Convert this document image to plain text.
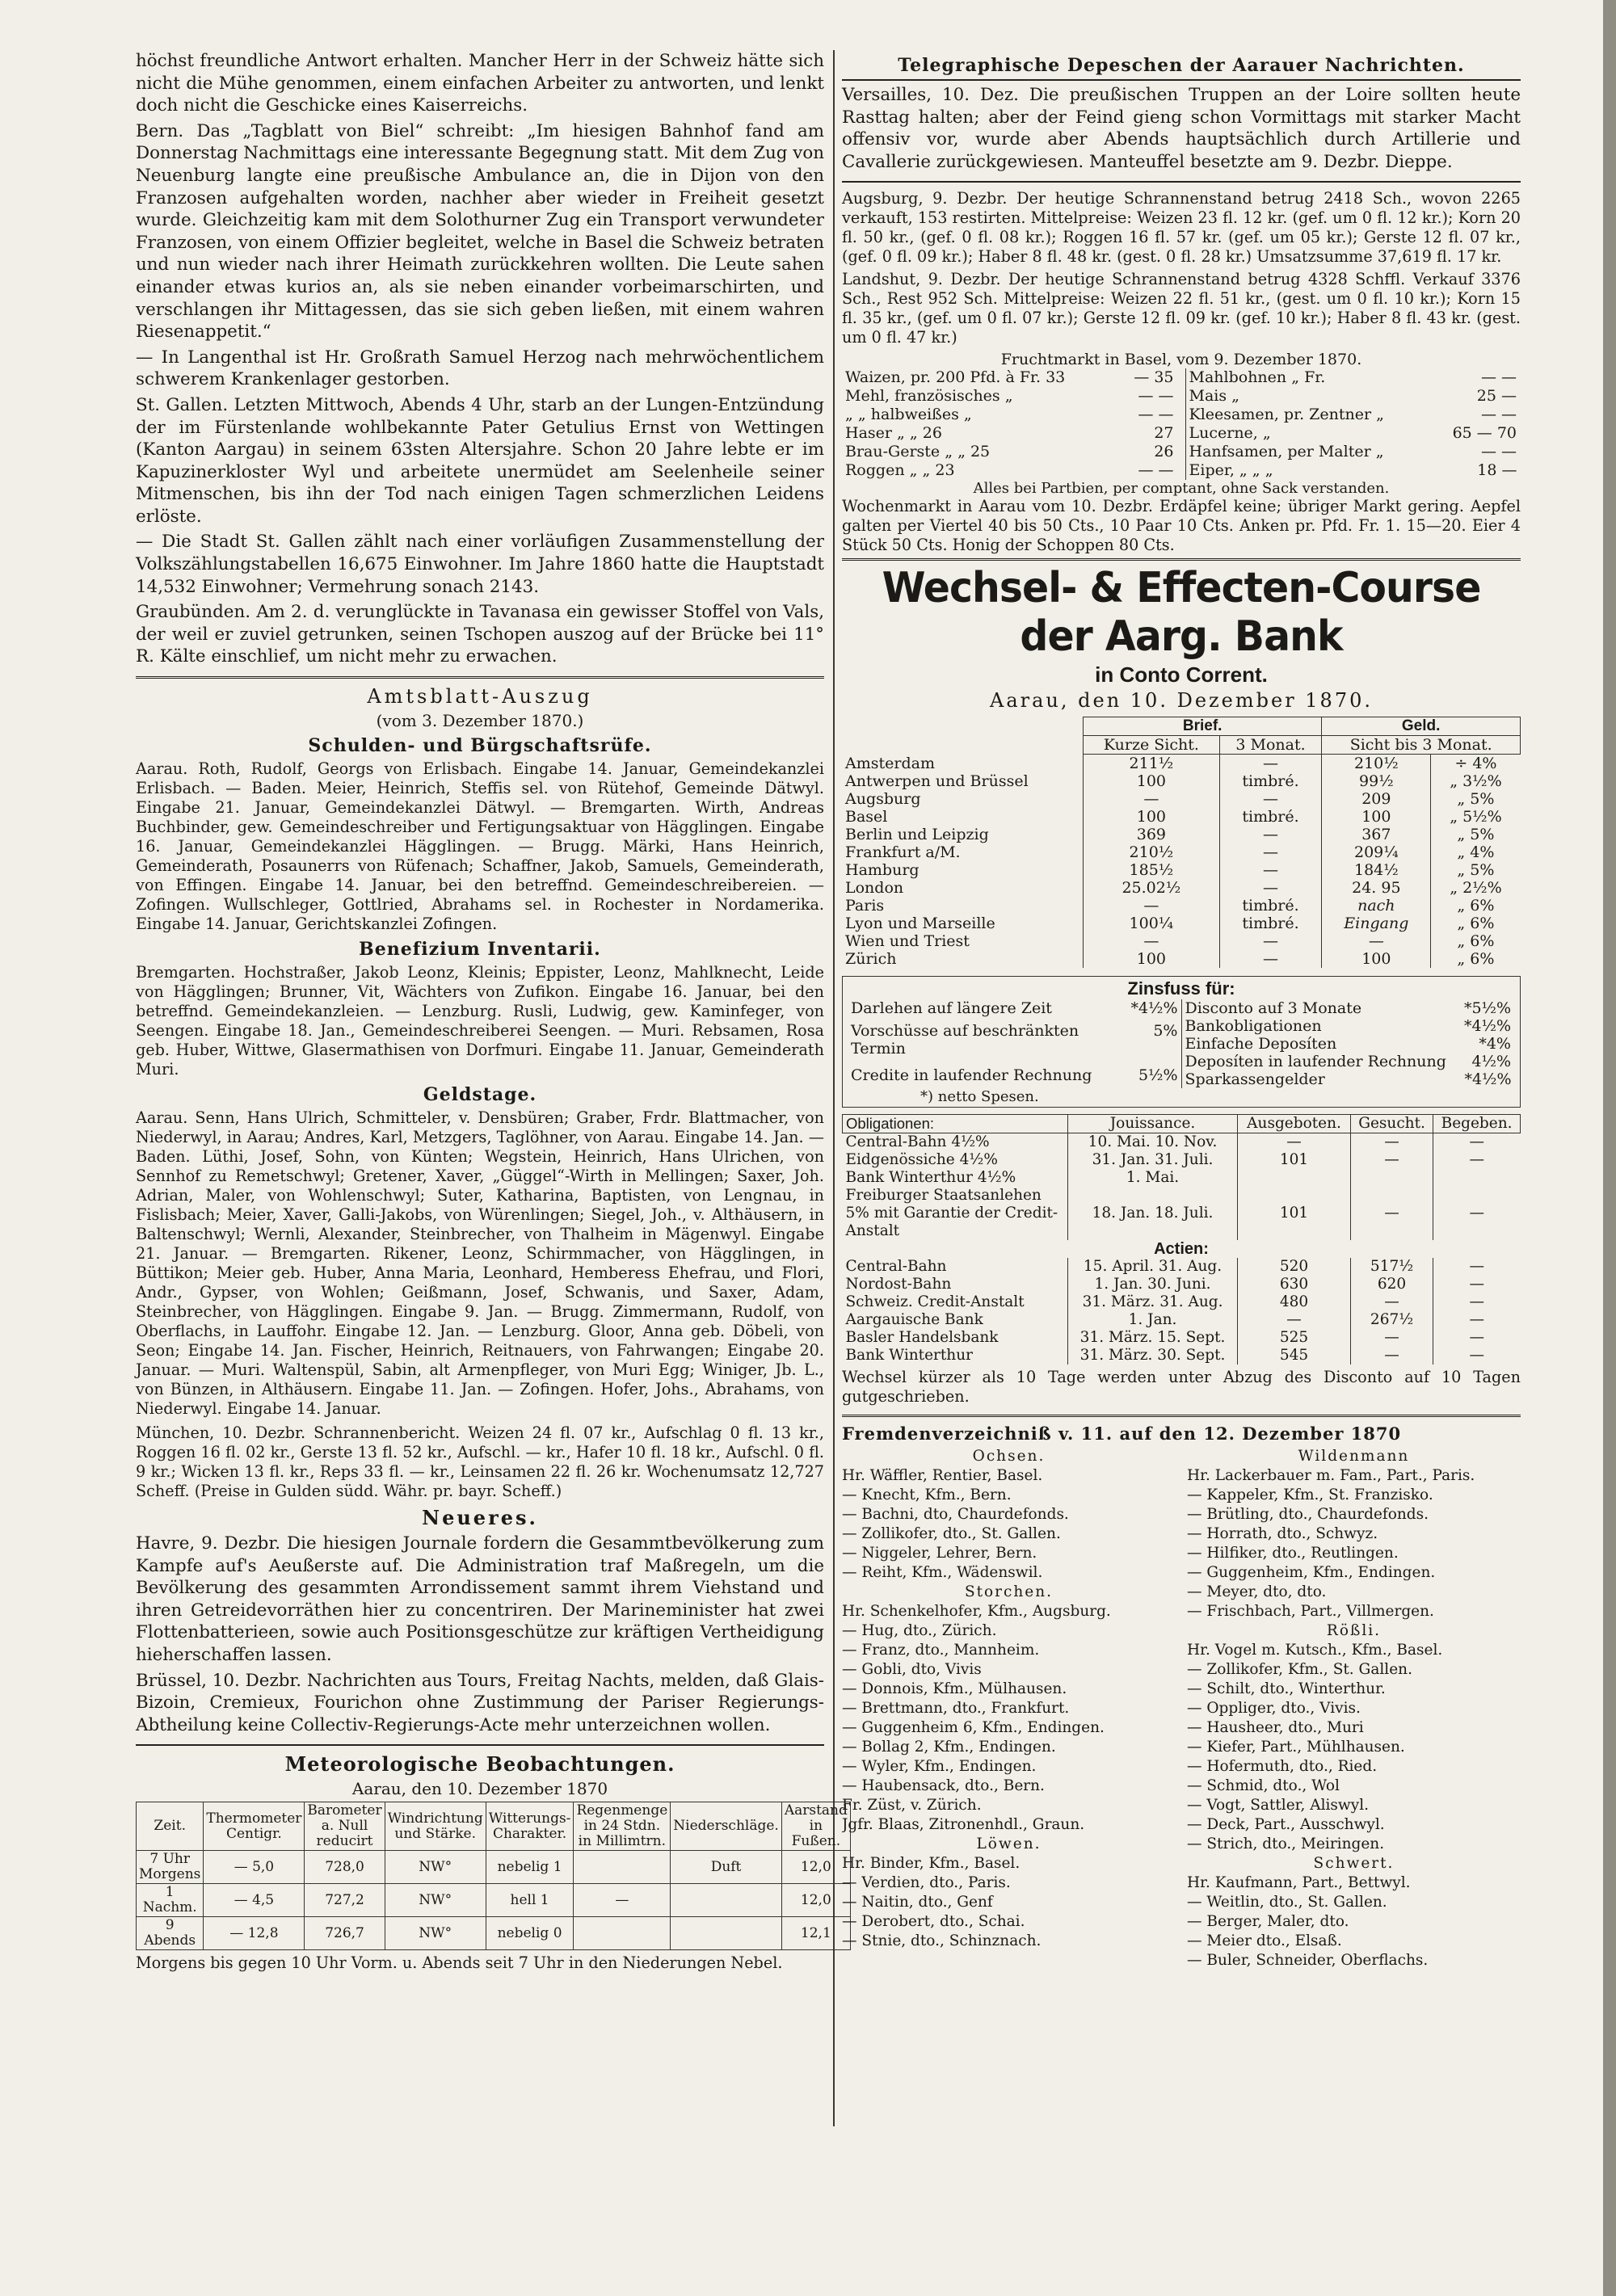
höchst freundliche Antwort erhalten. Mancher Herr in der Schweiz hätte sich nicht die Mühe genommen, einem einfachen Arbeiter zu antworten, und lenkt doch nicht die Geschicke eines Kaiserreichs.

Bern. Das „Tagblatt von Biel“ schreibt: „Im hiesigen Bahnhof fand am Donnerstag Nachmittags eine interessante Begegnung statt. Mit dem Zug von Neuenburg langte eine preußische Ambulance an, die in Dijon von den Franzosen aufgehalten worden, nachher aber wieder in Freiheit gesetzt wurde. Gleichzeitig kam mit dem Solothurner Zug ein Transport verwundeter Franzosen, von einem Offizier begleitet, welche in Basel die Schweiz betraten und nun wieder nach ihrer Heimath zurückkehren wollten. Die Leute sahen einander etwas kurios an, als sie neben einander vorbeimarschirten, und verschlangen ihr Mittagessen, das sie sich geben ließen, mit einem wahren Riesenappetit.“

— In Langenthal ist Hr. Großrath Samuel Herzog nach mehrwöchentlichem schwerem Krankenlager gestorben.

St. Gallen. Letzten Mittwoch, Abends 4 Uhr, starb an der Lungen-Entzündung der im Fürstenlande wohlbekannte Pater Getulius Ernst von Wettingen (Kanton Aargau) in seinem 63sten Altersjahre. Schon 20 Jahre lebte er im Kapuzinerkloster Wyl und arbeitete unermüdet am Seelenheile seiner Mitmenschen, bis ihn der Tod nach einigen Tagen schmerzlichen Leidens erlöste.

— Die Stadt St. Gallen zählt nach einer vorläufigen Zusammenstellung der Volkszählungstabellen 16,675 Einwohner. Im Jahre 1860 hatte die Hauptstadt 14,532 Einwohner; Vermehrung sonach 2143.

Graubünden. Am 2. d. verunglückte in Tavanasa ein gewisser Stoffel von Vals, der weil er zuviel getrunken, seinen Tschopen auszog auf der Brücke bei 11° R. Kälte einschlief, um nicht mehr zu erwachen.

Amtsblatt-Auszug
(vom 3. Dezember 1870.)
Schulden- und Bürgschaftsrüfe.

Aarau. Roth, Rudolf, Georgs von Erlisbach. Eingabe 14. Januar, Gemeindekanzlei Erlisbach. — Baden. Meier, Heinrich, Steffis sel. von Rütehof, Gemeinde Dätwyl. Eingabe 21. Januar, Gemeindekanzlei Dätwyl. — Bremgarten. Wirth, Andreas Buchbinder, gew. Gemeindeschreiber und Fertigungsaktuar von Hägglingen. Eingabe 16. Januar, Gemeindekanzlei Hägglingen. — Brugg. Märki, Hans Heinrich, Gemeinderath, Posaunerrs von Rüfenach; Schaffner, Jakob, Samuels, Gemeinderath, von Effingen. Eingabe 14. Januar, bei den betreffnd. Gemeindeschreibereien. — Zofingen. Wullschleger, Gottlried, Abrahams sel. in Rochester in Nordamerika. Eingabe 14. Januar, Gerichtskanzlei Zofingen.

Benefizium Inventarii.

Bremgarten. Hochstraßer, Jakob Leonz, Kleinis; Eppister, Leonz, Mahlknecht, Leide von Hägglingen; Brunner, Vit, Wächters von Zufikon. Eingabe 16. Januar, bei den betreffnd. Gemeindekanzleien. — Lenzburg. Rusli, Ludwig, gew. Kaminfeger, von Seengen. Eingabe 18. Jan., Gemeindeschreiberei Seengen. — Muri. Rebsamen, Rosa geb. Huber, Wittwe, Glasermathisen von Dorfmuri. Eingabe 11. Januar, Gemeinderath Muri.

Geldstage.

Aarau. Senn, Hans Ulrich, Schmitteler, v. Densbüren; Graber, Frdr. Blattmacher, von Niederwyl, in Aarau; Andres, Karl, Metzgers, Taglöhner, von Aarau. Eingabe 14. Jan. — Baden. Lüthi, Josef, Sohn, von Künten; Wegstein, Heinrich, Hans Ulrichen, von Sennhof zu Remetschwyl; Gretener, Xaver, „Güggel“-Wirth in Mellingen; Saxer, Joh. Adrian, Maler, von Wohlenschwyl; Suter, Katharina, Baptisten, von Lengnau, in Fislisbach; Meier, Xaver, Galli-Jakobs, von Würenlingen; Siegel, Joh., v. Althäusern, in Baltenschwyl; Wernli, Alexander, Steinbrecher, von Thalheim in Mägenwyl. Eingabe 21. Januar. — Bremgarten. Rikener, Leonz, Schirmmacher, von Hägglingen, in Büttikon; Meier geb. Huber, Anna Maria, Leonhard, Hemberess Ehefrau, und Flori, Andr., Gypser, von Wohlen; Geißmann, Josef, Schwanis, und Saxer, Adam, Steinbrecher, von Hägglingen. Eingabe 9. Jan. — Brugg. Zimmermann, Rudolf, von Oberflachs, in Lauffohr. Eingabe 12. Jan. — Lenzburg. Gloor, Anna geb. Döbeli, von Seon; Eingabe 14. Jan. Fischer, Heinrich, Reitnauers, von Fahrwangen; Eingabe 20. Januar. — Muri. Waltenspül, Sabin, alt Armenpfleger, von Muri Egg; Winiger, Jb. L., von Bünzen, in Althäusern. Eingabe 11. Jan. — Zofingen. Hofer, Johs., Abrahams, von Niederwyl. Eingabe 14. Januar.

München, 10. Dezbr. Schrannenbericht. Weizen 24 fl. 07 kr., Aufschlag 0 fl. 13 kr., Roggen 16 fl. 02 kr., Gerste 13 fl. 52 kr., Aufschl. — kr., Hafer 10 fl. 18 kr., Aufschl. 0 fl. 9 kr.; Wicken 13 fl. kr., Reps 33 fl. — kr., Leinsamen 22 fl. 26 kr. Wochenumsatz 12,727 Scheff. (Preise in Gulden südd. Währ. pr. bayr. Scheff.)

Neueres.

Havre, 9. Dezbr. Die hiesigen Journale fordern die Gesammtbevölkerung zum Kampfe auf's Aeußerste auf. Die Administration traf Maßregeln, um die Bevölkerung des gesammten Arrondissement sammt ihrem Viehstand und ihren Getreidevorräthen hier zu concentriren. Der Marineminister hat zwei Flottenbatterieen, sowie auch Positionsgeschütze zur kräftigen Vertheidigung hieherschaffen lassen.

Brüssel, 10. Dezbr. Nachrichten aus Tours, Freitag Nachts, melden, daß Glais-Bizoin, Cremieux, Fourichon ohne Zustimmung der Pariser Regierungs-Abtheilung keine Collectiv-Regierungs-Acte mehr unterzeichnen wollen.

Meteorologische Beobachtungen.
Aarau, den 10. Dezember 1870
Zeit.	Thermometer Centigr.	Barometer a. Null reducirt	Windrichtung und Stärke.	Witterungs-Charakter.	Regenmenge in 24 Stdn. in Millimtrn.	Niederschläge.	Aarstand in Fußen.
7 Uhr Morgens	— 5,0	728,0	NW°	nebelig 1		Duft	12,0
1 Nachm.	— 4,5	727,2	NW°	hell 1	—		12,0
9 Abends	— 12,8	726,7	NW°	nebelig 0			12,1

Morgens bis gegen 10 Uhr Vorm. u. Abends seit 7 Uhr in den Niederungen Nebel.

Telegraphische Depeschen der Aarauer Nachrichten.

Versailles, 10. Dez. Die preußischen Truppen an der Loire sollten heute Rasttag halten; aber der Feind gieng schon Vormittags mit starker Macht offensiv vor, wurde aber Abends hauptsächlich durch Artillerie und Cavallerie zurückgewiesen. Manteuffel besetzte am 9. Dezbr. Dieppe.

Augsburg, 9. Dezbr. Der heutige Schrannenstand betrug 2418 Sch., wovon 2265 verkauft, 153 restirten. Mittelpreise: Weizen 23 fl. 12 kr. (gef. um 0 fl. 12 kr.); Korn 20 fl. 50 kr., (gef. 0 fl. 08 kr.); Roggen 16 fl. 57 kr. (gef. um 05 kr.); Gerste 12 fl. 07 kr., (gef. 0 fl. 09 kr.); Haber 8 fl. 48 kr. (gest. 0 fl. 28 kr.) Umsatzsumme 37,619 fl. 17 kr.

Landshut, 9. Dezbr. Der heutige Schrannenstand betrug 4328 Schffl. Verkauf 3376 Sch., Rest 952 Sch. Mittelpreise: Weizen 22 fl. 51 kr., (gest. um 0 fl. 10 kr.); Korn 15 fl. 35 kr., (gef. um 0 fl. 07 kr.); Gerste 12 fl. 09 kr. (gef. 10 kr.); Haber 8 fl. 43 kr. (gest. um 0 fl. 47 kr.)

Fruchtmarkt in Basel, vom 9. Dezember 1870.
Waizen, pr. 200 Pfd. à Fr. 33	— 35
Mehl, französisches „	— —
„ „ halbweißes „	— —
Haser „ „ 26	27
Brau-Gerste „ „ 25	26
Roggen „ „ 23	— —
Mahlbohnen „ Fr.	— —
Mais „	25 —
Kleesamen, pr. Zentner „	— —
Lucerne, „	65 — 70
Hanfsamen, per Malter „	— —
Eiper, „ „ „	18 —
Alles bei Partbien, per comptant, ohne Sack verstanden.

Wochenmarkt in Aarau vom 10. Dezbr. Erdäpfel keine; übriger Markt gering. Aepfel galten per Viertel 40 bis 50 Cts., 10 Paar 10 Cts. Anken pr. Pfd. Fr. 1. 15—20. Eier 4 Stück 50 Cts. Honig der Schoppen 80 Cts.

Wechsel- & Effecten-Course der Aarg. Bank
in Conto Corrent.
Aarau, den 10. Dezember 1870.
	Brief.		Geld.	
	Kurze Sicht.	3 Monat.	Sicht bis 3 Monat.	
Amsterdam	211½	—	210½	÷ 4%
Antwerpen und Brüssel	100	timbré.	99½	„ 3½%
Augsburg	—	—	209	„ 5%
Basel	100	timbré.	100	„ 5½%
Berlin und Leipzig	369	—	367	„ 5%
Frankfurt a/M.	210½	—	209¼	„ 4%
Hamburg	185½	—	184½	„ 5%
London	25.02½	—	24. 95	„ 2½%
Paris	—	timbré.	nach	„ 6%
Lyon und Marseille	100¼	timbré.	Eingang	„ 6%
Wien und Triest	—	—	—	„ 6%
Zürich	100	—	100	„ 6%
Zinsfuss für:
Darlehen auf längere Zeit	*4½%
Vorschüsse auf beschränkten Termin	5%
Credite in laufender Rechnung	5½%
Disconto auf 3 Monate	*5½%
Bankobligationen	*4½%
Einfache Deposíten	*4%
Deposíten in laufender Rechnung	4½%
Sparkassengelder	*4½%
*) netto Spesen.
Obligationen:	Jouissance.	Ausgeboten.	Gesucht.	Begeben.
Central-Bahn 4½%	10. Mai. 10. Nov.	—	—	—
Eidgenössiche 4½%	31. Jan. 31. Juli.	101	—	—
Bank Winterthur 4½%	1. Mai.			
Freiburger Staatsanlehen 5% mit Garantie der Credit-Anstalt	18. Jan. 18. Juli.	101	—	—
Actien:				
Central-Bahn	15. April. 31. Aug.	520	517½	—
Nordost-Bahn	1. Jan. 30. Juni.	630	620	—
Schweiz. Credit-Anstalt	31. März. 31. Aug.	480	—	—
Aargauische Bank	1. Jan.	—	267½	—
Basler Handelsbank	31. März. 15. Sept.	525	—	—
Bank Winterthur	31. März. 30. Sept.	545	—	—

Wechsel kürzer als 10 Tage werden unter Abzug des Disconto auf 10 Tagen gutgeschrieben.

Fremdenverzeichniß v. 11. auf den 12. Dezember 1870
Ochsen.
Hr. Wäffler, Rentier, Basel.
— Knecht, Kfm., Bern.
— Bachni, dto, Chaurdefonds.
— Zollikofer, dto., St. Gallen.
— Niggeler, Lehrer, Bern.
— Reiht, Kfm., Wädenswil.
Storchen.
Hr. Schenkelhofer, Kfm., Augsburg.
— Hug, dto., Zürich.
— Franz, dto., Mannheim.
— Gobli, dto, Vivis
— Donnois, Kfm., Mülhausen.
— Brettmann, dto., Frankfurt.
— Guggenheim 6, Kfm., Endingen.
— Bollag 2, Kfm., Endingen.
— Wyler, Kfm., Endingen.
— Haubensack, dto., Bern.
Fr. Züst, v. Zürich.
Jgfr. Blaas, Zitronenhdl., Graun.
Löwen.
Hr. Binder, Kfm., Basel.
— Verdien, dto., Paris.
— Naitin, dto., Genf
— Derobert, dto., Schai.
— Stnie, dto., Schinznach.
Wildenmann
Hr. Lackerbauer m. Fam., Part., Paris.
— Kappeler, Kfm., St. Franzisko.
— Brütling, dto., Chaurdefonds.
— Horrath, dto., Schwyz.
— Hilfiker, dto., Reutlingen.
— Guggenheim, Kfm., Endingen.
— Meyer, dto, dto.
— Frischbach, Part., Villmergen.
Rößli.
Hr. Vogel m. Kutsch., Kfm., Basel.
— Zollikofer, Kfm., St. Gallen.
— Schilt, dto., Winterthur.
— Oppliger, dto., Vivis.
— Hausheer, dto., Muri
— Kiefer, Part., Mühlhausen.
— Hofermuth, dto., Ried.
— Schmid, dto., Wol
— Vogt, Sattler, Aliswyl.
— Deck, Part., Ausschwyl.
— Strich, dto., Meiringen.
Schwert.
Hr. Kaufmann, Part., Bettwyl.
— Weitlin, dto., St. Gallen.
— Berger, Maler, dto.
— Meier dto., Elsaß.
— Buler, Schneider, Oberflachs.
